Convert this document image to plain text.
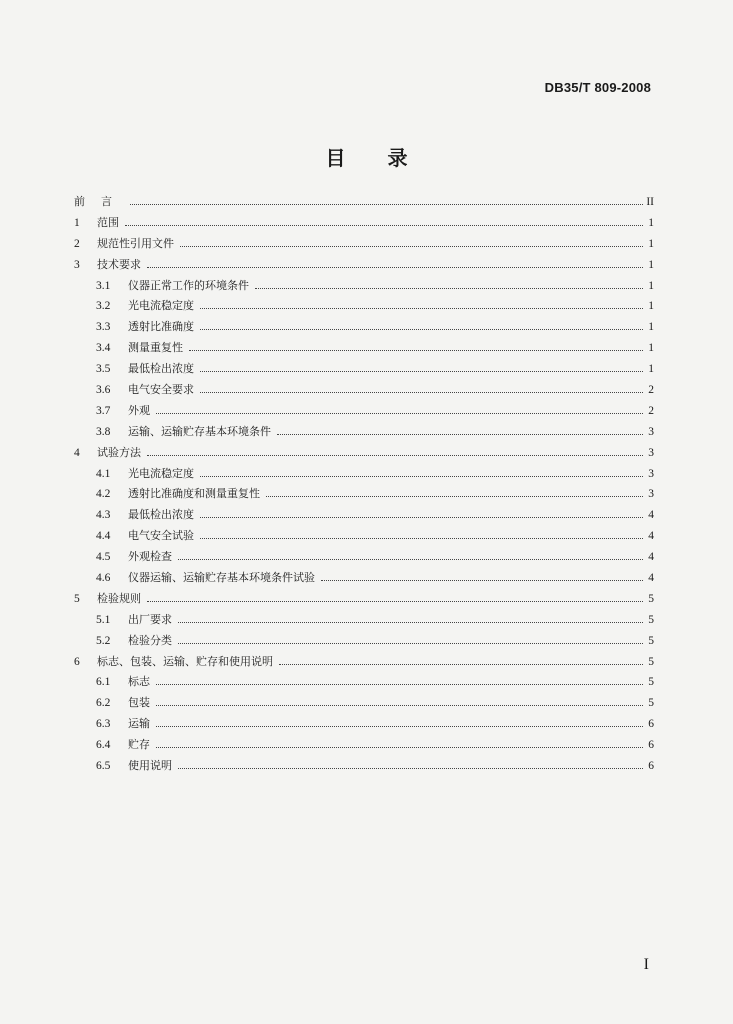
DB35/T 809-2008
目录
前言	II
1	范围	1
2	规范性引用文件	1
3	技术要求	1
3.1	仪器正常工作的环境条件	1
3.2	光电流稳定度	1
3.3	透射比准确度	1
3.4	测量重复性	1
3.5	最低检出浓度	1
3.6	电气安全要求	2
3.7	外观	2
3.8	运输、运输贮存基本环境条件	3
4	试验方法	3
4.1	光电流稳定度	3
4.2	透射比准确度和测量重复性	3
4.3	最低检出浓度	4
4.4	电气安全试验	4
4.5	外观检查	4
4.6	仪器运输、运输贮存基本环境条件试验	4
5	检验规则	5
5.1	出厂要求	5
5.2	检验分类	5
6	标志、包装、运输、贮存和使用说明	5
6.1	标志	5
6.2	包装	5
6.3	运输	6
6.4	贮存	6
6.5	使用说明	6
I
